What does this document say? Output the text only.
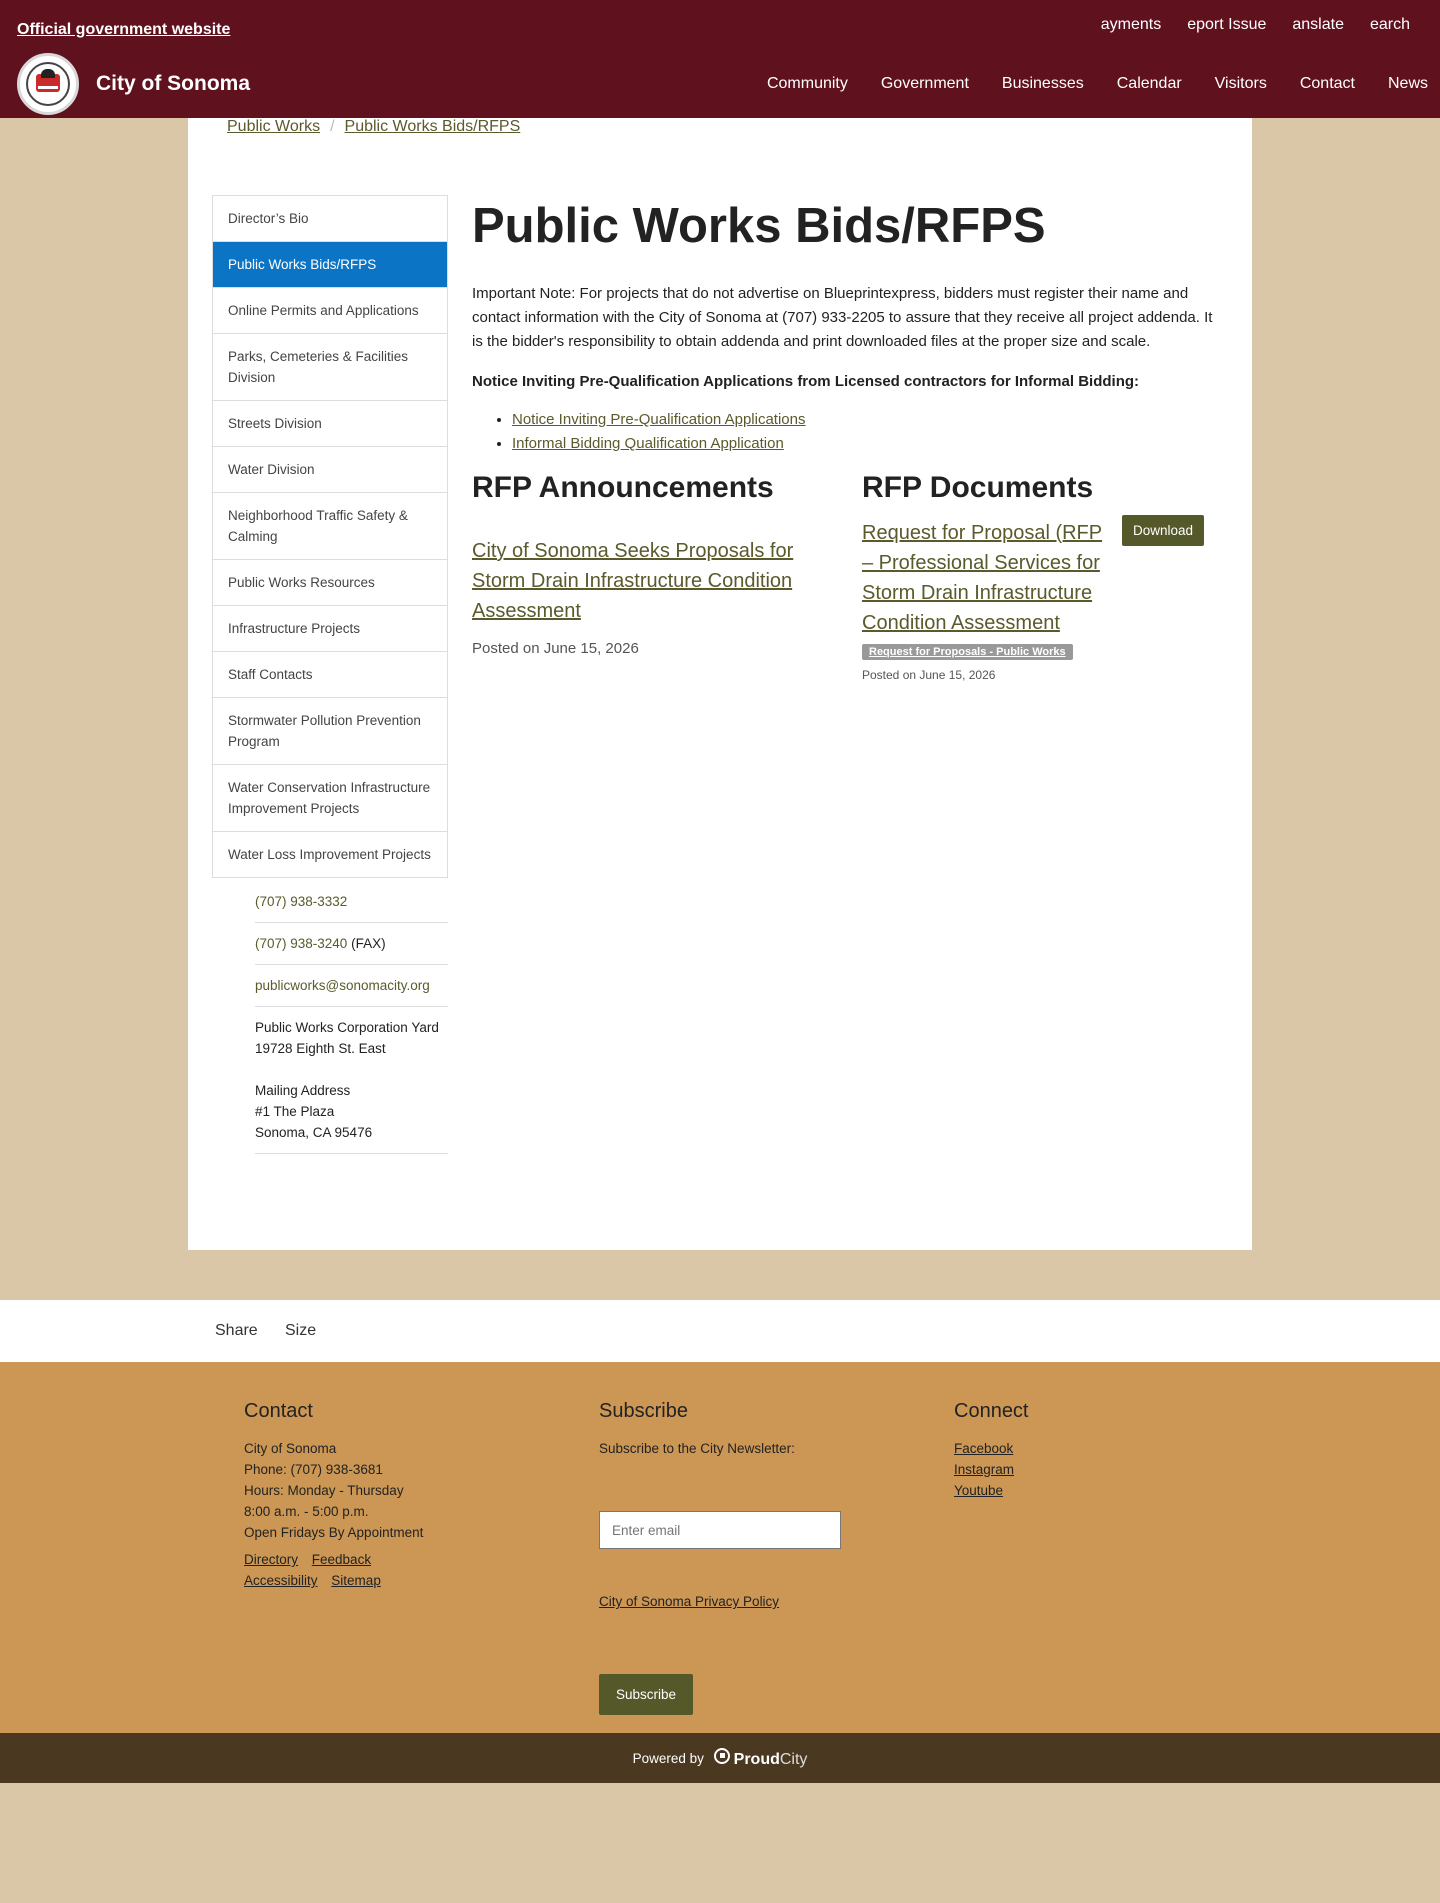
Official government website	ayments eport Issue anslate earch
City of Sonoma	Community Government Businesses Calendar Visitors Contact News
Public Works / Public Works Bids/RFPS
Director’s Bio
Public Works Bids/RFPS
Online Permits and Applications
Parks, Cemeteries & Facilities Division
Streets Division
Water Division
Neighborhood Traffic Safety & Calming
Public Works Resources
Infrastructure Projects
Staff Contacts
Stormwater Pollution Prevention Program
Water Conservation Infrastructure Improvement Projects
Water Loss Improvement Projects
(707) 938-3332
(707) 938-3240 (FAX)
publicworks@sonomacity.org
Public Works Corporation Yard
19728 Eighth St. East
Mailing Address
#1 The Plaza
Sonoma, CA 95476
Public Works Bids/RFPS

Important Note: For projects that do not advertise on Blueprintexpress, bidders must register their name and contact information with the City of Sonoma at (707) 933-2205 to assure that they receive all project addenda. It is the bidder's responsibility to obtain addenda and print downloaded files at the proper size and scale.

Notice Inviting Pre-Qualification Applications from Licensed contractors for Informal Bidding:

• Notice Inviting Pre-Qualification Applications
• Informal Bidding Qualification Application
RFP Announcements
City of Sonoma Seeks Proposals for Storm Drain Infrastructure Condition Assessment
Posted on June 15, 2026
RFP Documents
Request for Proposal (RFP – Professional Services for Storm Drain Infrastructure Condition Assessment
Download
Request for Proposals - Public Works
Posted on June 15, 2026
Share Size
Contact
City of Sonoma
Phone: (707) 938-3681
Hours: Monday - Thursday
8:00 a.m. - 5:00 p.m.
Open Fridays By Appointment
Directory Feedback
Accessibility Sitemap
Subscribe
Subscribe to the City Newsletter:
Enter email
City of Sonoma Privacy Policy
Subscribe
Connect
Facebook
Instagram
Youtube
Powered by	ProudCity
